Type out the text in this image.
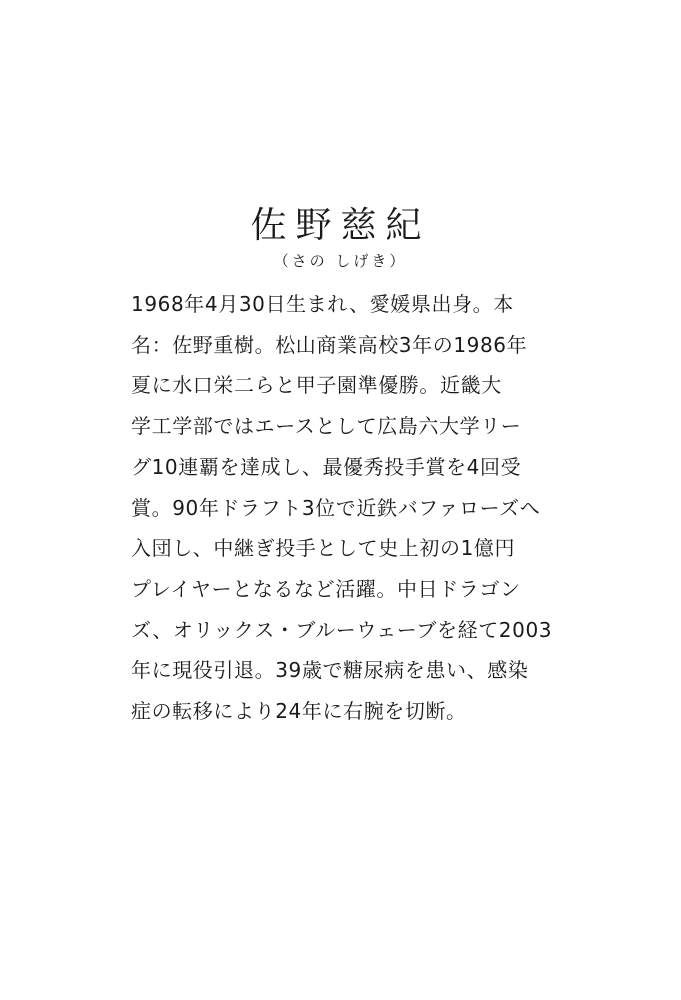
佐野慈紀
（さの しげき）
1968年4月30日生まれ、愛媛県出身。本
名：佐野重樹。松山商業高校3年の1986年
夏に水口栄二らと甲子園準優勝。近畿大
学工学部ではエースとして広島六大学リー
グ10連覇を達成し、最優秀投手賞を4回受
賞。90年ドラフト3位で近鉄バファローズへ
入団し、中継ぎ投手として史上初の1億円
プレイヤーとなるなど活躍。中日ドラゴン
ズ、オリックス・ブルーウェーブを経て2003
年に現役引退。39歳で糖尿病を患い、感染
症の転移により24年に右腕を切断。
